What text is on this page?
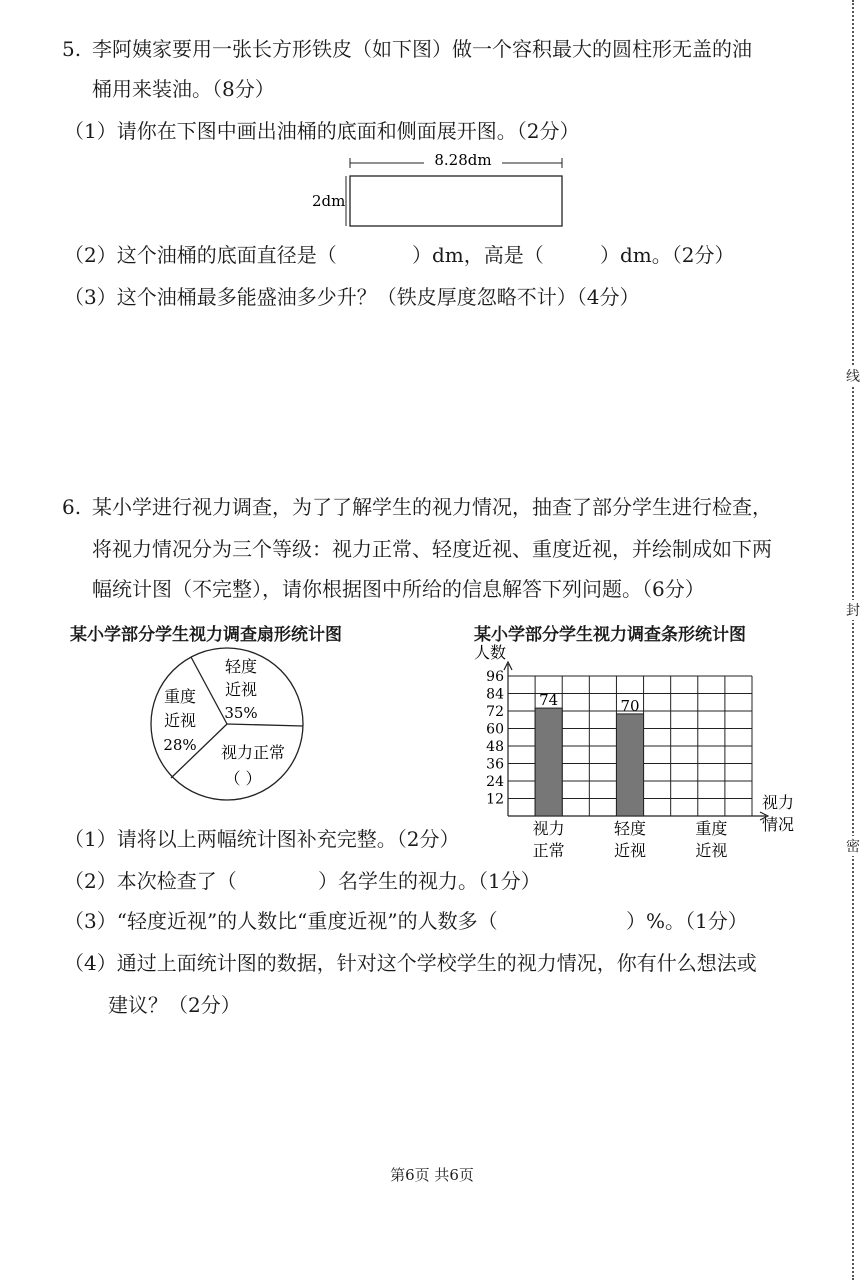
线
封
密
5. 李阿姨家要用一张长方形铁皮（如下图）做一个容积最大的圆柱形无盖的油
桶用来装油。（8分）
（1）请你在下图中画出油桶的底面和侧面展开图。（2分）
8.28dm
2dm
（2）这个油桶的底面直径是（	）dm，高是（	）dm。（2分）
（3）这个油桶最多能盛油多少升？（铁皮厚度忽略不计）（4分）
6. 某小学进行视力调查，为了了解学生的视力情况，抽查了部分学生进行检查，
将视力情况分为三个等级：视力正常、轻度近视、重度近视，并绘制成如下两
幅统计图（不完整），请你根据图中所给的信息解答下列问题。（6分）
某小学部分学生视力调查扇形统计图	某小学部分学生视力调查条形统计图
轻度
近视
35%
视力正常
（ ）
重度
近视
28%
人数
视力
情况
12
24
36
48
60
72
84
96
74
视力
正常
70
轻度
近视
重度
近视
（1）请将以上两幅统计图补充完整。（2分）
（2）本次检查了（	）名学生的视力。（1分）
（3）“轻度近视”的人数比“重度近视”的人数多（	）%。（1分）
（4）通过上面统计图的数据，针对这个学校学生的视力情况，你有什么想法或
建议？（2分）
第6页 共6页
